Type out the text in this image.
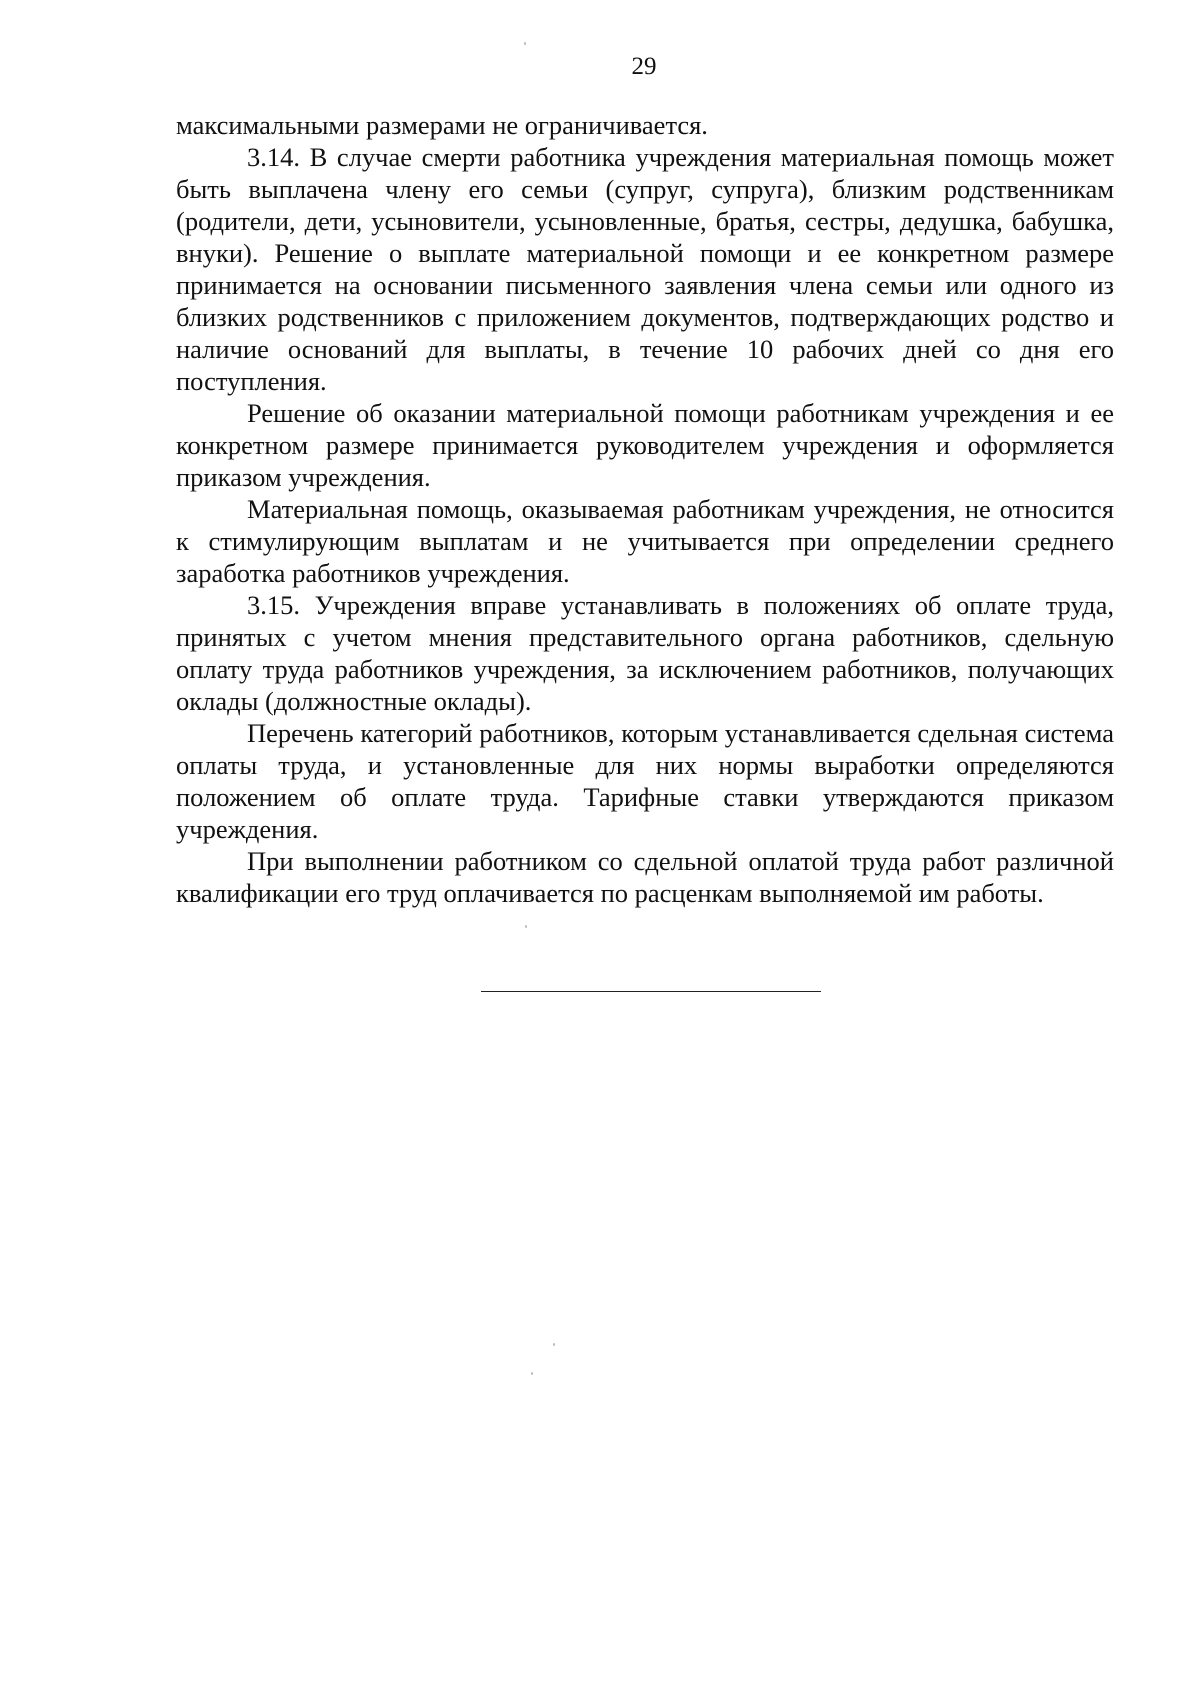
29

максимальными размерами не ограничивается.

3.14. В случае смерти работника учреждения материальная помощь может быть выплачена члену его семьи (супруг, супруга), близким родственникам (родители, дети, усыновители, усыновленные, братья, сестры, дедушка, бабушка, внуки). Решение о выплате материальной помощи и ее конкретном размере принимается на основании письменного заявления члена семьи или одного из близких родственников с приложением документов, подтверждающих родство и наличие оснований для выплаты, в течение 10 рабочих дней со дня его поступления.

Решение об оказании материальной помощи работникам учреждения и ее конкретном размере принимается руководителем учреждения и оформляется приказом учреждения.

Материальная помощь, оказываемая работникам учреждения, не относится к стимулирующим выплатам и не учитывается при определении среднего заработка работников учреждения.

3.15. Учреждения вправе устанавливать в положениях об оплате труда, принятых с учетом мнения представительного органа работников, сдельную оплату труда работников учреждения, за исключением работников, получающих оклады (должностные оклады).

Перечень категорий работников, которым устанавливается сдельная система оплаты труда, и установленные для них нормы выработки определяются положением об оплате труда. Тарифные ставки утверждаются приказом учреждения.

При выполнении работником со сдельной оплатой труда работ различной квалификации его труд оплачивается по расценкам выполняемой им работы.
